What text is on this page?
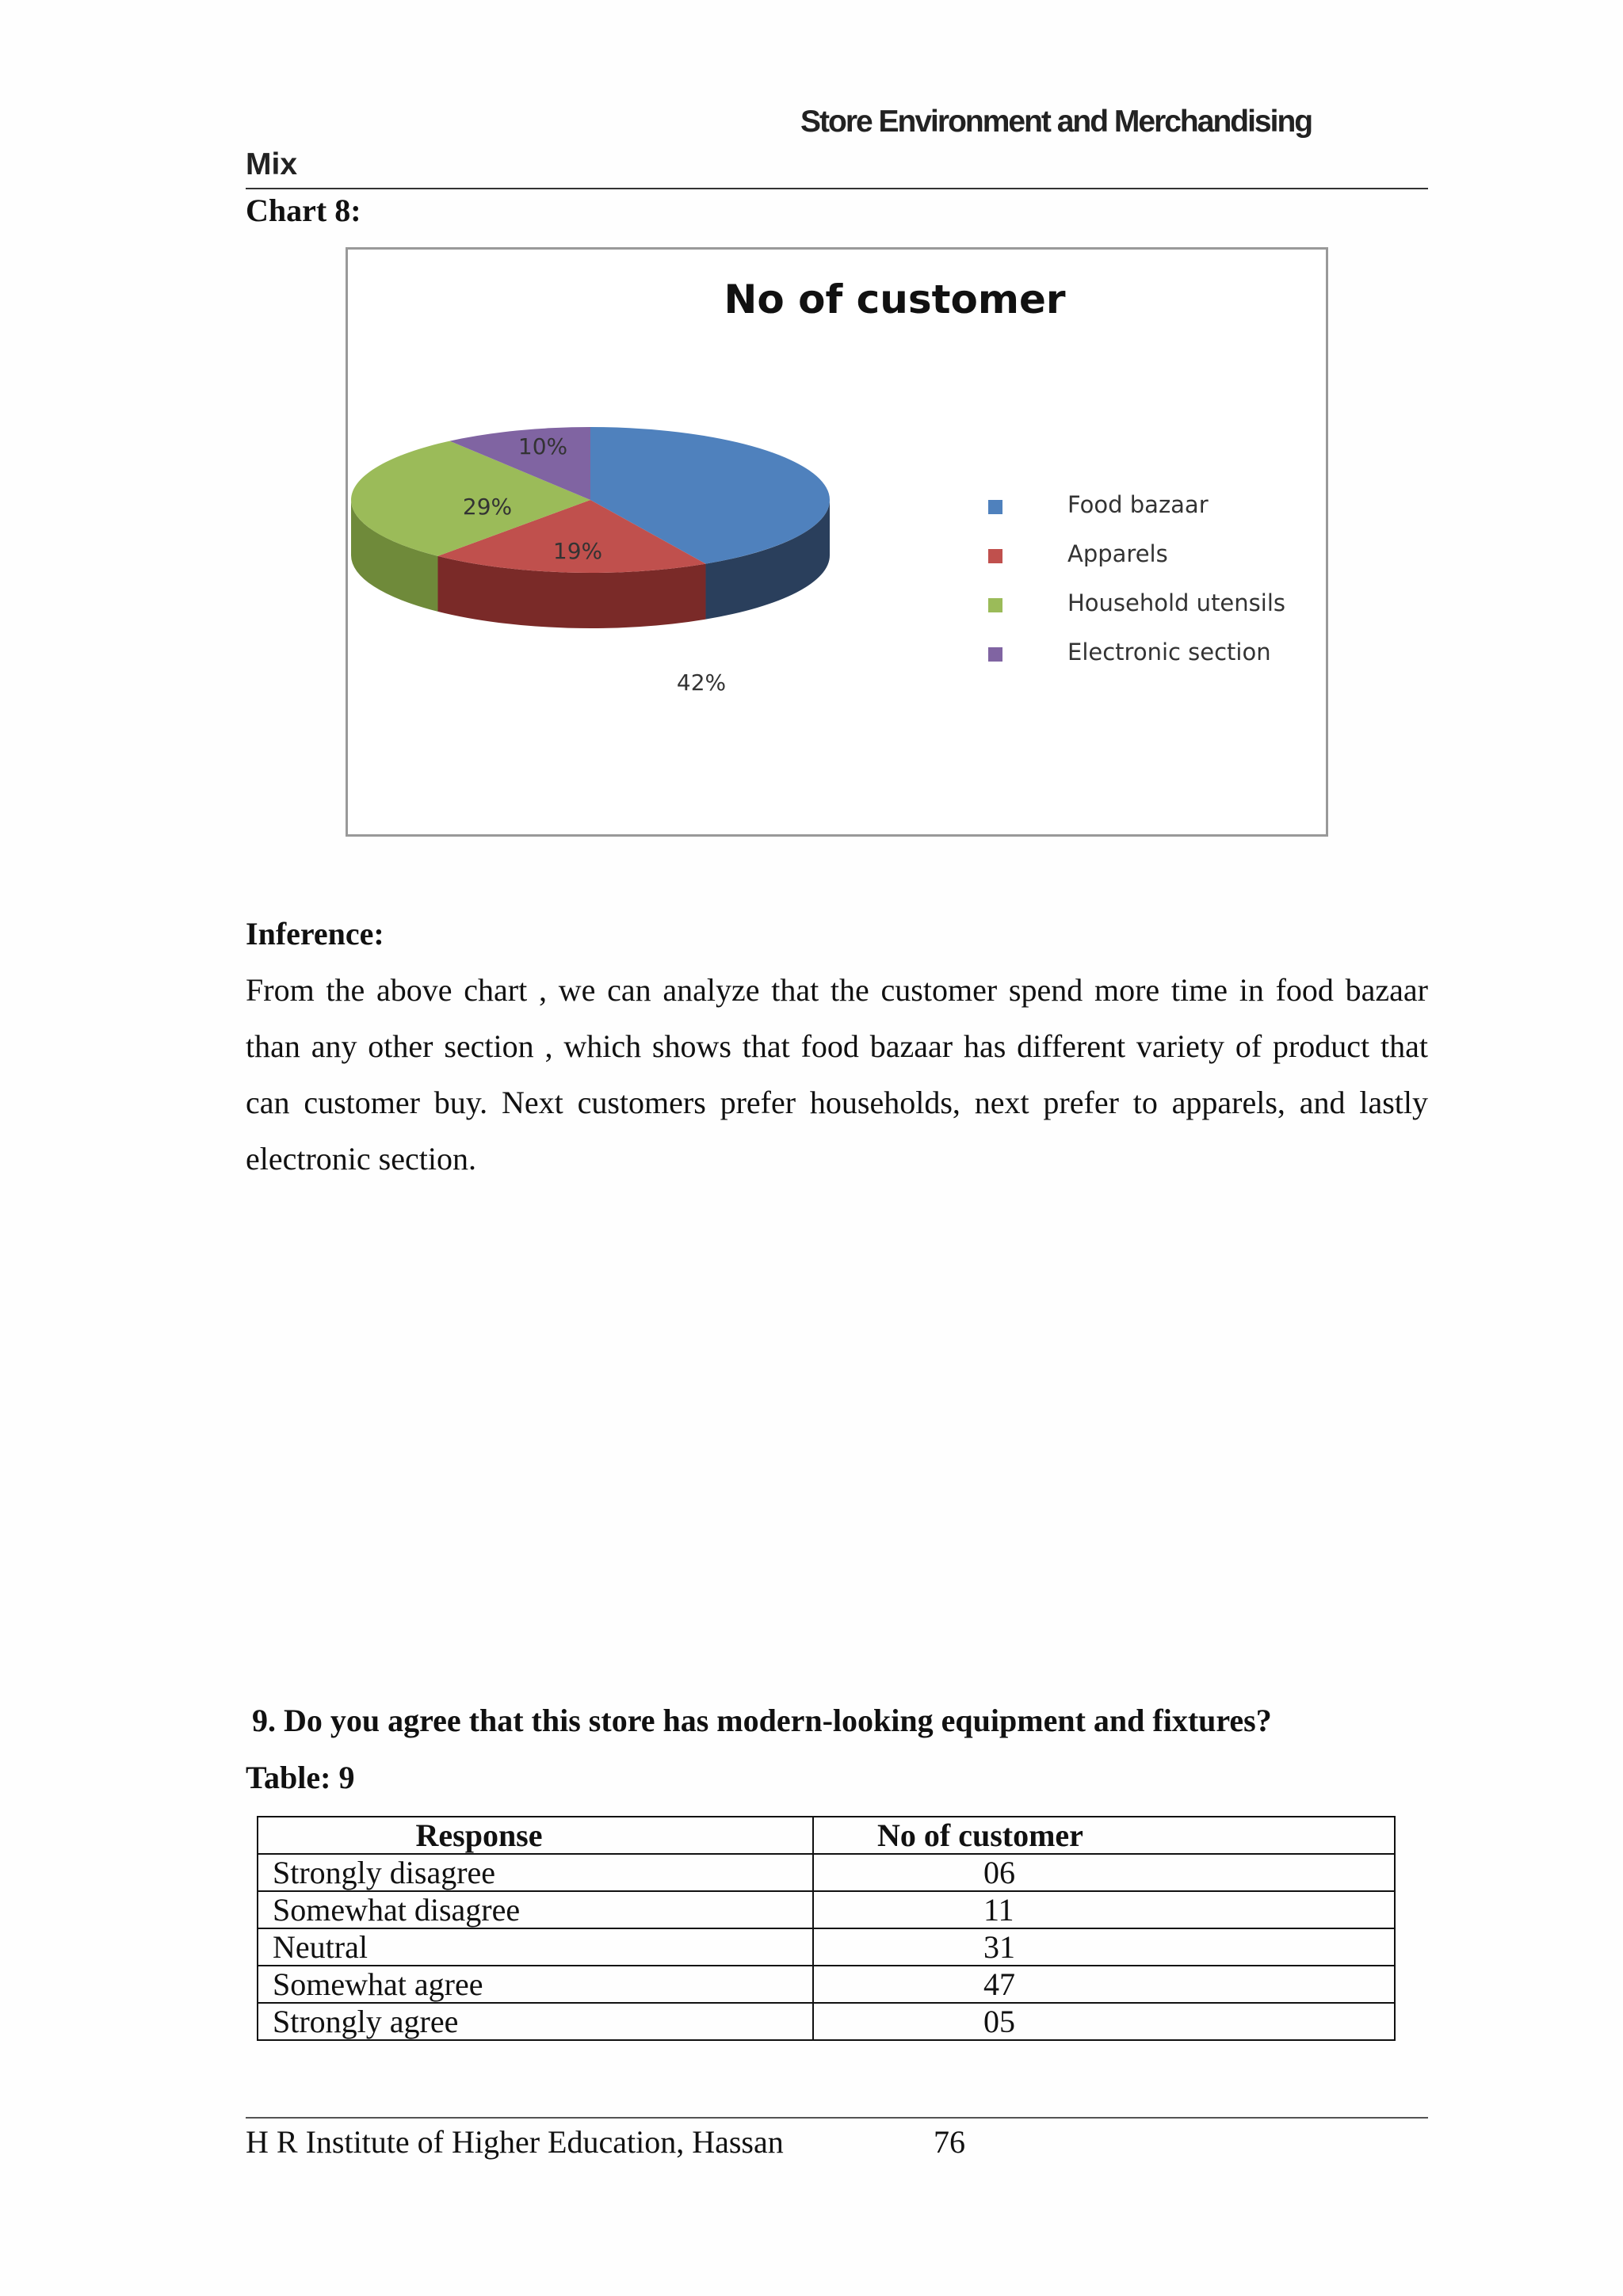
Store Environment and Merchandising
Mix
Chart 8:
No of customer
42%
19%
29%
10%
Food bazaar
Apparels
Household utensils
Electronic section
Inference:

From the above chart , we can analyze that the customer spend more time in food bazaar than any other section , which shows that food bazaar has different variety of product that can customer buy. Next customers prefer households, next prefer to apparels, and lastly electronic section.

9. Do you agree that this store has modern-looking equipment and fixtures?
Table: 9
Response	No of customer
Strongly disagree	06
Somewhat disagree	11
Neutral	31
Somewhat agree	47
Strongly agree	05
H R Institute of Higher Education, Hassan	76
